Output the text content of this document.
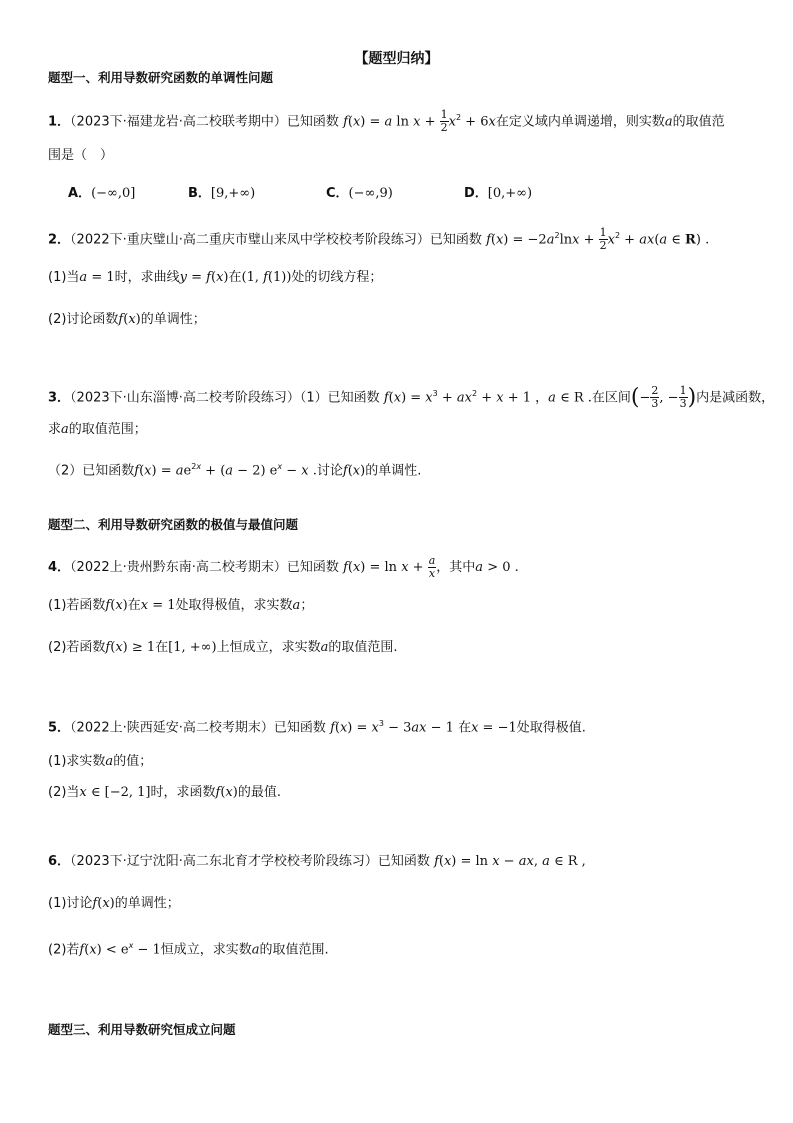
【题型归纳】
题型一、利用导数研究函数的单调性问题
1．（2023下·福建龙岩·高二校联考期中）已知函数 f(x) = a $\ln x + \frac{1}{2} x^2 + 6x$在定义域内单调递增，则实数a的取值范
围是（　）
A．(−∞,0]	B．[9,+∞)	C．(−∞,9)	D．[0,+∞)
2．（2022下·重庆璧山·高二重庆市璧山来凤中学校校考阶段练习）已知函数 $f(x) = -2a^2\ln x + \frac{1}{2} x^2 + ax(a$ ∈ R) .
(1)当a = 1时，求曲线y = f(x)在(1, f(1))处的切线方程；
(2)讨论函数f(x)的单调性；
3．（2023下·山东淄博·高二校考阶段练习）（1）已知函数 $f(x) = x^3 + ax^2 + x + 1$ ，a ∈ R .在区间(− $\frac{2}{3}$ , − $\frac{1}{3}$ )内是减函数，
求a的取值范围；
（2）已知函数$f(x) = ae^{2x} + (a - 2) e^x - x$ .讨论f(x)的单调性.
题型二、利用导数研究函数的极值与最值问题
4．（2022上·贵州黔东南·高二校考期末）已知函数 $f(x) = \ln x + \frac{a}{x}$ ，其中a > 0 .
(1)若函数f(x)在x = 1处取得极值，求实数a；
(2)若函数f(x) ≥ 1在[1, +∞)上恒成立，求实数a的取值范围.
5．（2022上·陕西延安·高二校考期末）已知函数 $f(x) = x^3 - 3ax - 1$ 在x = −1处取得极值.
(1)求实数a的值；
(2)当x ∈ [−2, 1]时，求函数f(x)的最值.
6．（2023下·辽宁沈阳·高二东北育才学校校考阶段练习）已知函数 f(x) = ln x − ax, a ∈ R ,
(1)讨论f(x)的单调性；
(2)若$f(x) < e^x - 1$恒成立，求实数a的取值范围.
题型三、利用导数研究恒成立问题
